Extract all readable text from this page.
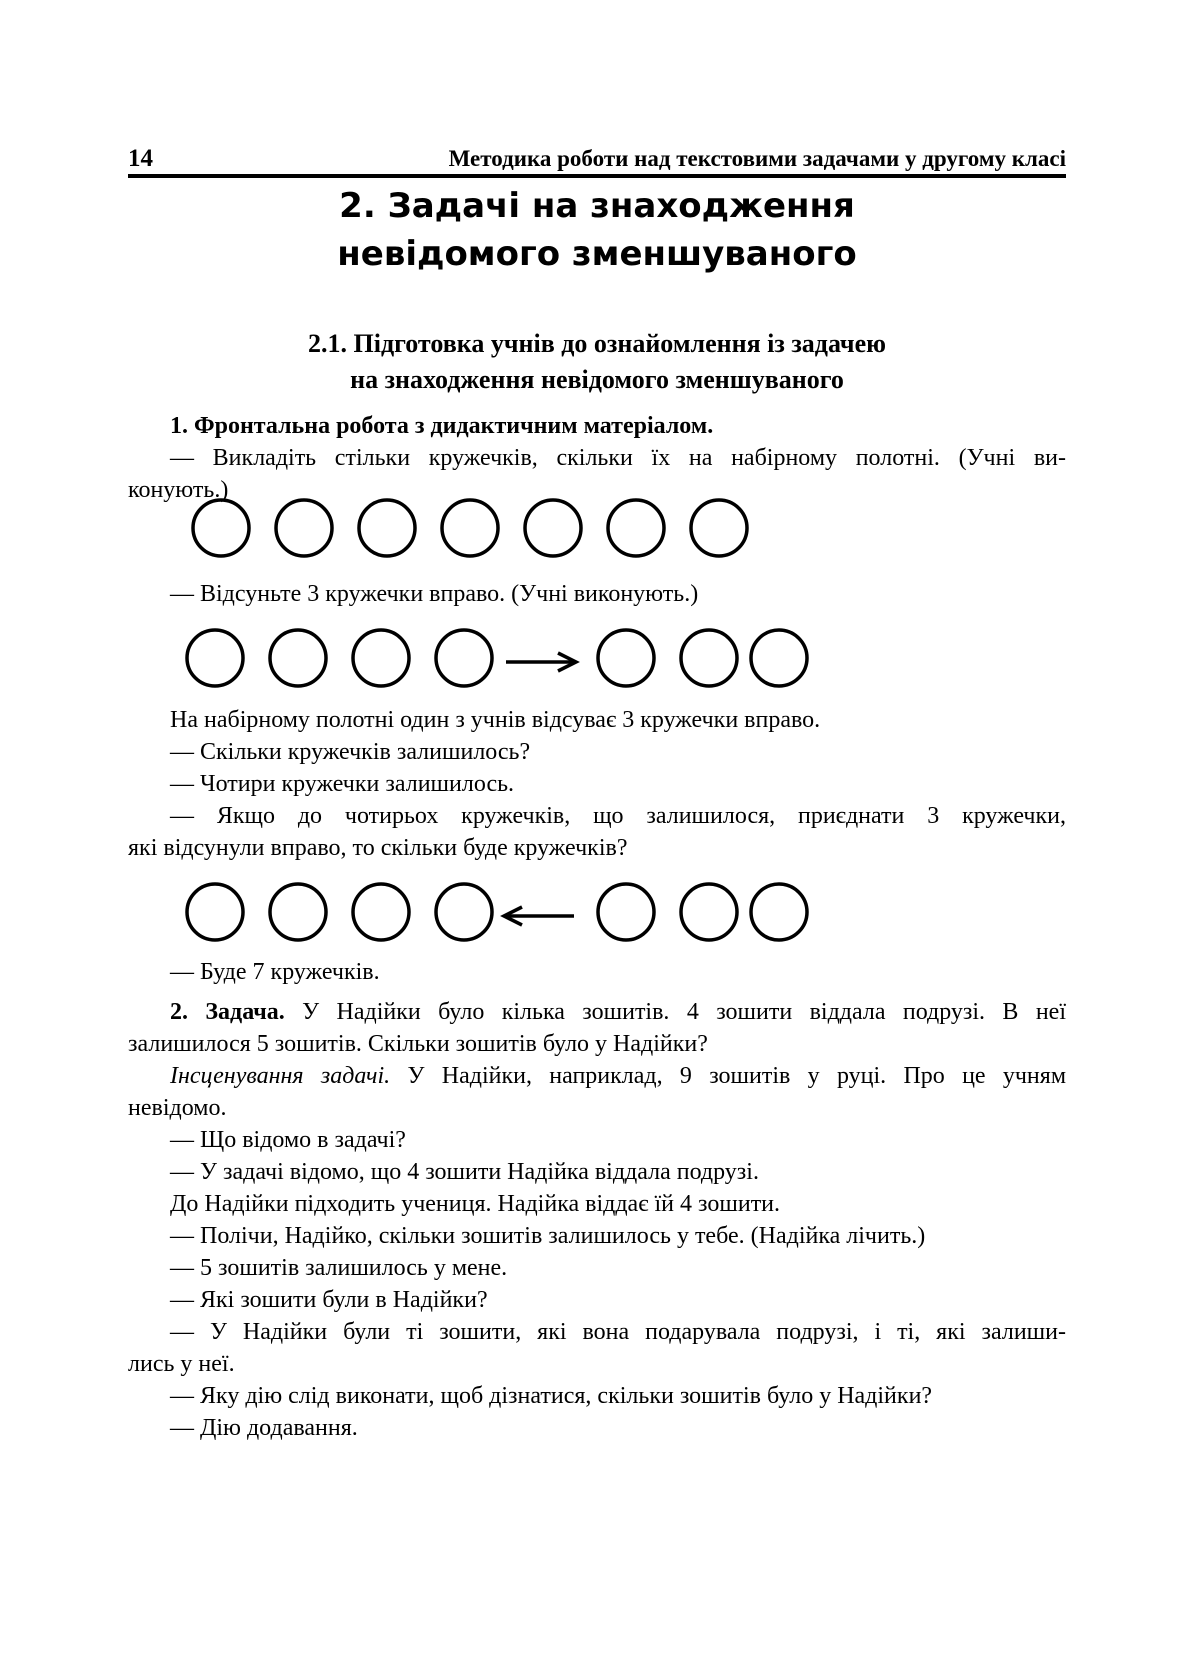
14	Методика роботи над текстовими задачами у другому класі
2. Задачі на знаходження
невідомого зменшуваного
2.1. Підготовка учнів до ознайомлення із задачею
на знаходження невідомого зменшуваного
1. Фронтальна робота з дидактичним матеріалом.
— Викладіть стільки кружечків, скільки їх на набірному полотні. (Учні ви-
конують.)
— Відсуньте 3 кружечки вправо. (Учні виконують.)
На набірному полотні один з учнів відсуває 3 кружечки вправо.
— Скільки кружечків залишилось?
— Чотири кружечки залишилось.
— Якщо до чотирьох кружечків, що залишилося, приєднати 3 кружечки,
які відсунули вправо, то скільки буде кружечків?
— Буде 7 кружечків.
2. Задача. У Надійки було кілька зошитів. 4 зошити віддала подрузі. В неї
залишилося 5 зошитів. Скільки зошитів було у Надійки?
Інсценування задачі. У Надійки, наприклад, 9 зошитів у руці. Про це учням
невідомо.
— Що відомо в задачі?
— У задачі відомо, що 4 зошити Надійка віддала подрузі.
До Надійки підходить учениця. Надійка віддає їй 4 зошити.
— Полічи, Надійко, скільки зошитів залишилось у тебе. (Надійка лічить.)
— 5 зошитів залишилось у мене.
— Які зошити були в Надійки?
— У Надійки були ті зошити, які вона подарувала подрузі, і ті, які залиши-
лись у неї.
— Яку дію слід виконати, щоб дізнатися, скільки зошитів було у Надійки?
— Дію додавання.
